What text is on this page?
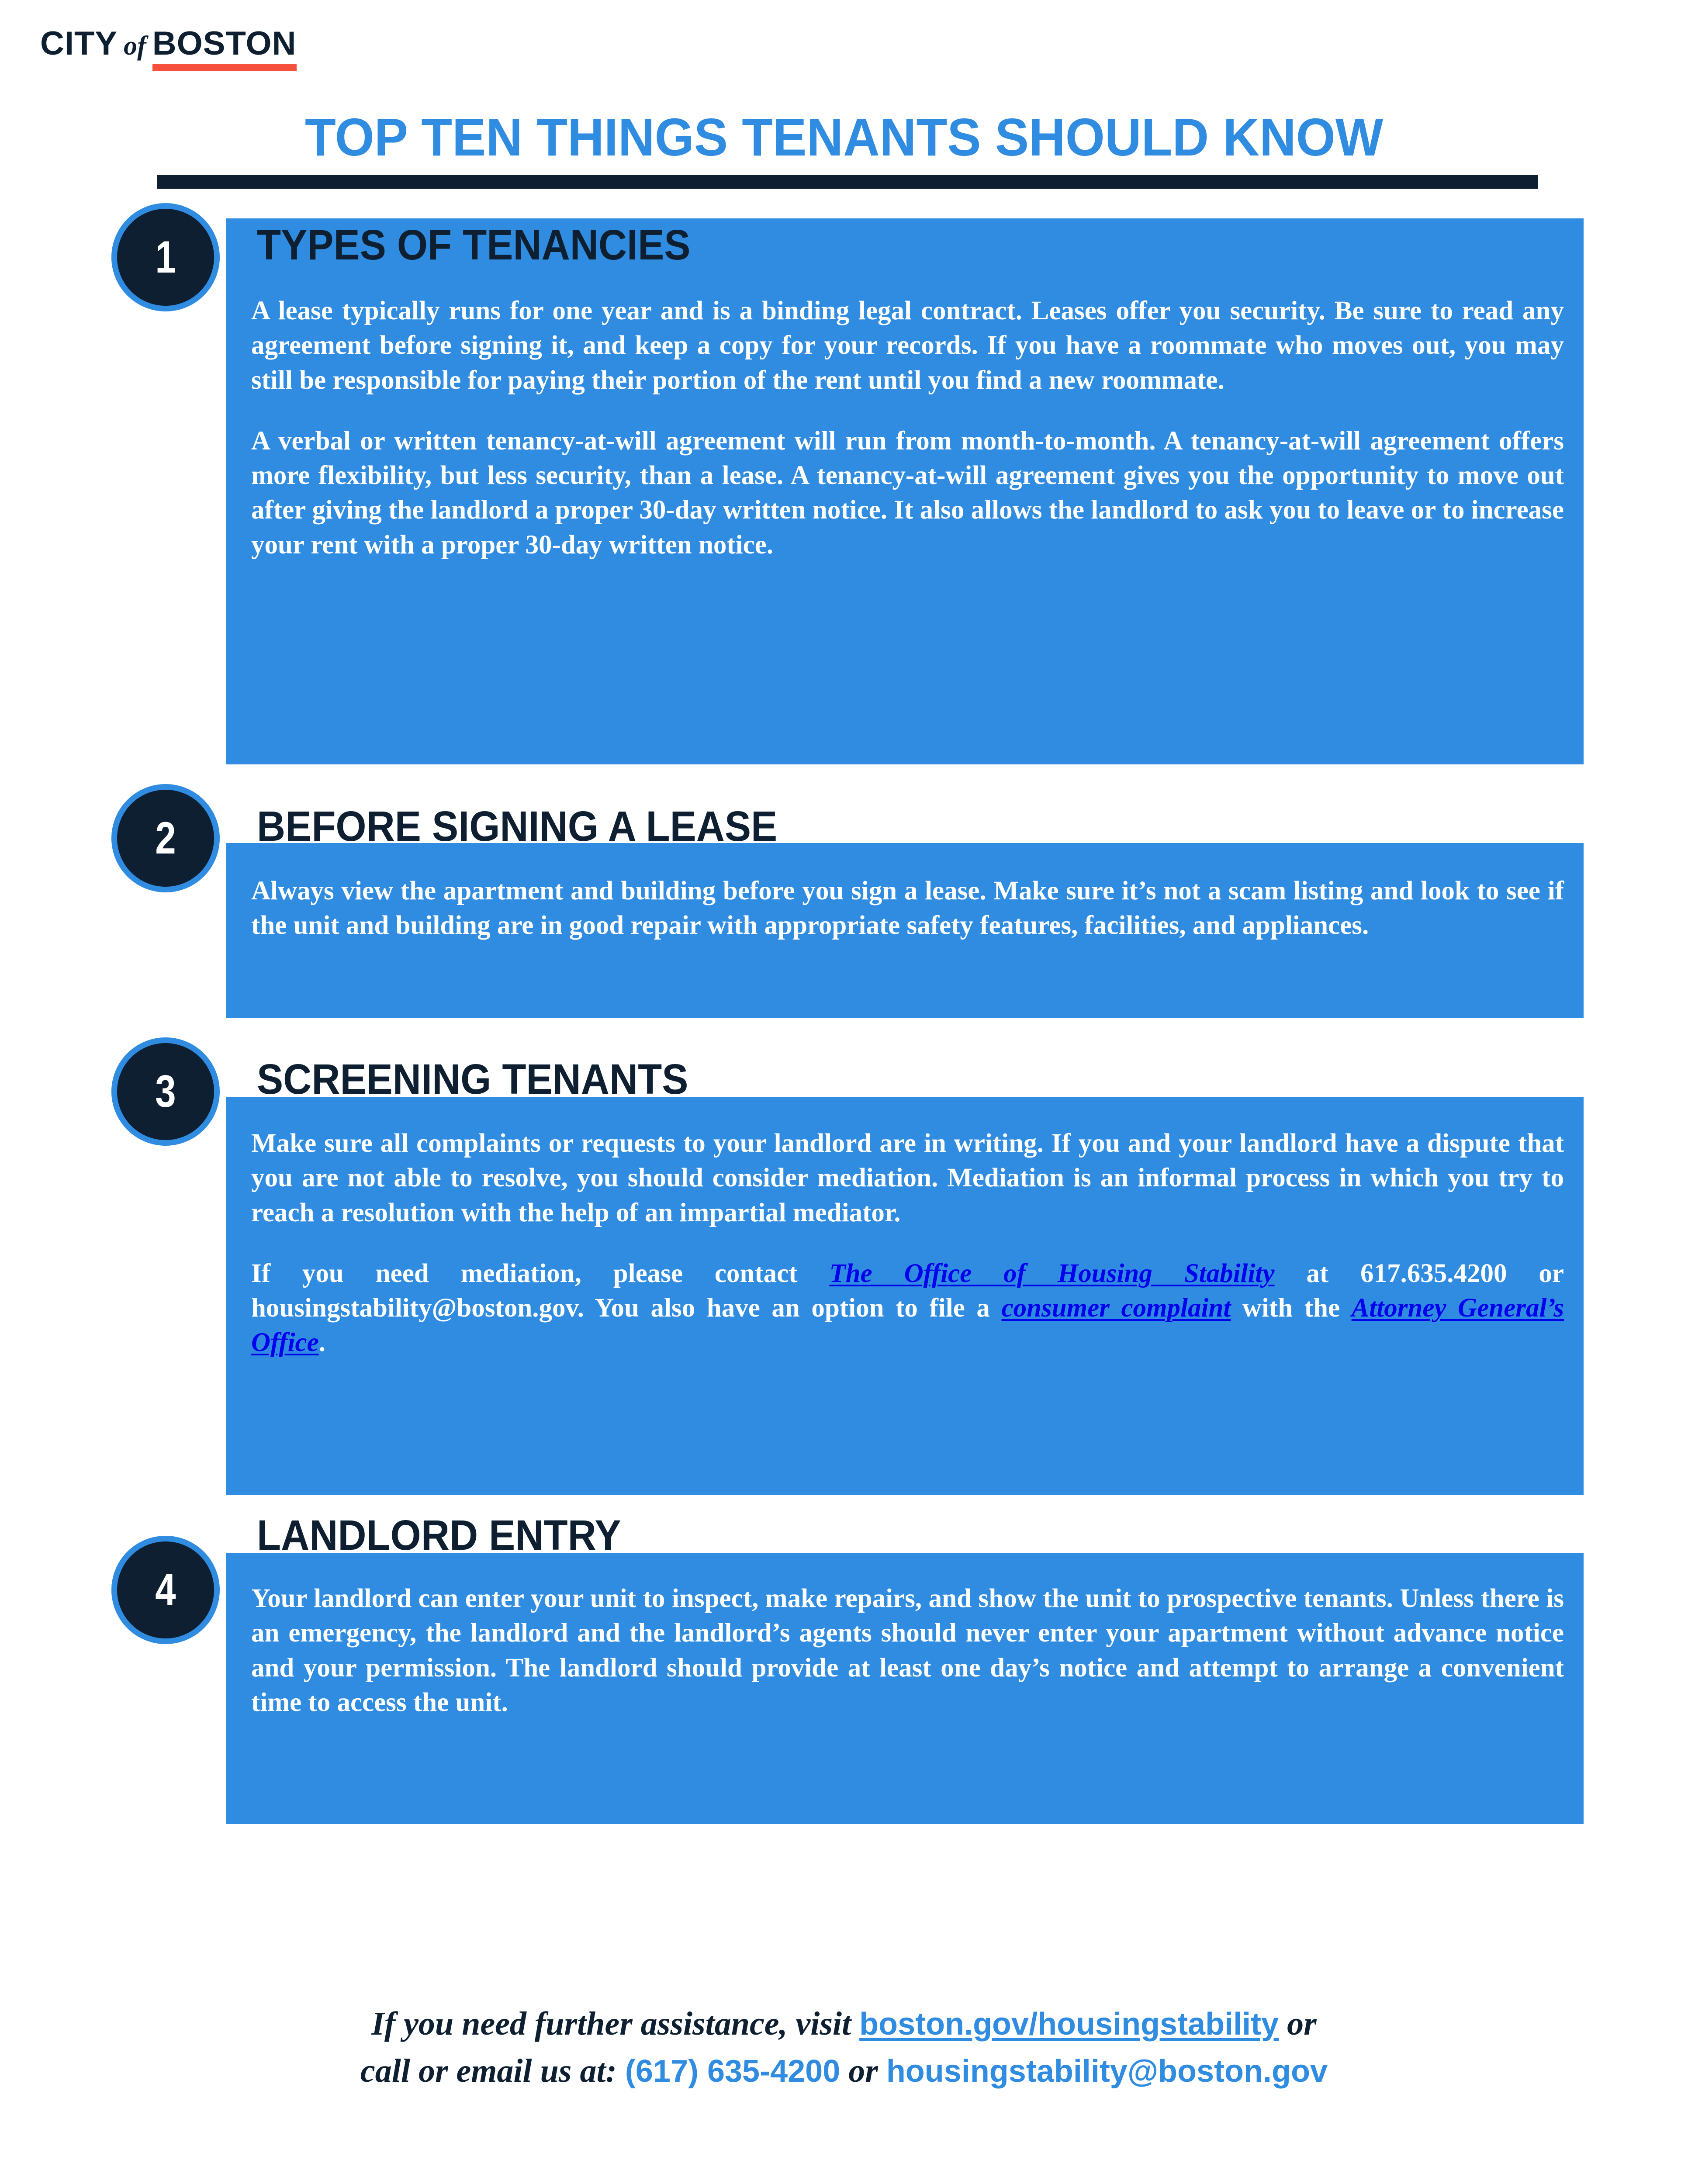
CITY of BOSTON
TOP TEN THINGS TENANTS SHOULD KNOW
1 TYPES OF TENANCIES

A lease typically runs for one year and is a binding legal contract. Leases offer you security. Be sure to read any agreement before signing it, and keep a copy for your records. If you have a roommate who moves out, you may still be responsible for paying their portion of the rent until you find a new roommate.

A verbal or written tenancy-at-will agreement will run from month-to-month. A tenancy-at-will agreement offers more flexibility, but less security, than a lease. A tenancy-at-will agreement gives you the opportunity to move out after giving the landlord a proper 30-day written notice. It also allows the landlord to ask you to leave or to increase your rent with a proper 30-day written notice.

2 BEFORE SIGNING A LEASE

Always view the apartment and building before you sign a lease. Make sure it’s not a scam listing and look to see if the unit and building are in good repair with appropriate safety features, facilities, and appliances.

3 SCREENING TENANTS

Make sure all complaints or requests to your landlord are in writing. If you and your landlord have a dispute that you are not able to resolve, you should consider mediation. Mediation is an informal process in which you try to reach a resolution with the help of an impartial mediator.

If you need mediation, please contact The Office of Housing Stability at 617.635.4200 or housingstability@boston.gov. You also have an option to file a consumer complaint with the Attorney General’s Office.

4
LANDLORD ENTRY

Your landlord can enter your unit to inspect, make repairs, and show the unit to prospective tenants. Unless there is an emergency, the landlord and the landlord’s agents should never enter your apartment without advance notice and your permission. The landlord should provide at least one day’s notice and attempt to arrange a convenient time to access the unit.

If you need further assistance, visit boston.gov/housingstability or
call or email us at: (617) 635-4200 or housingstability@boston.gov
